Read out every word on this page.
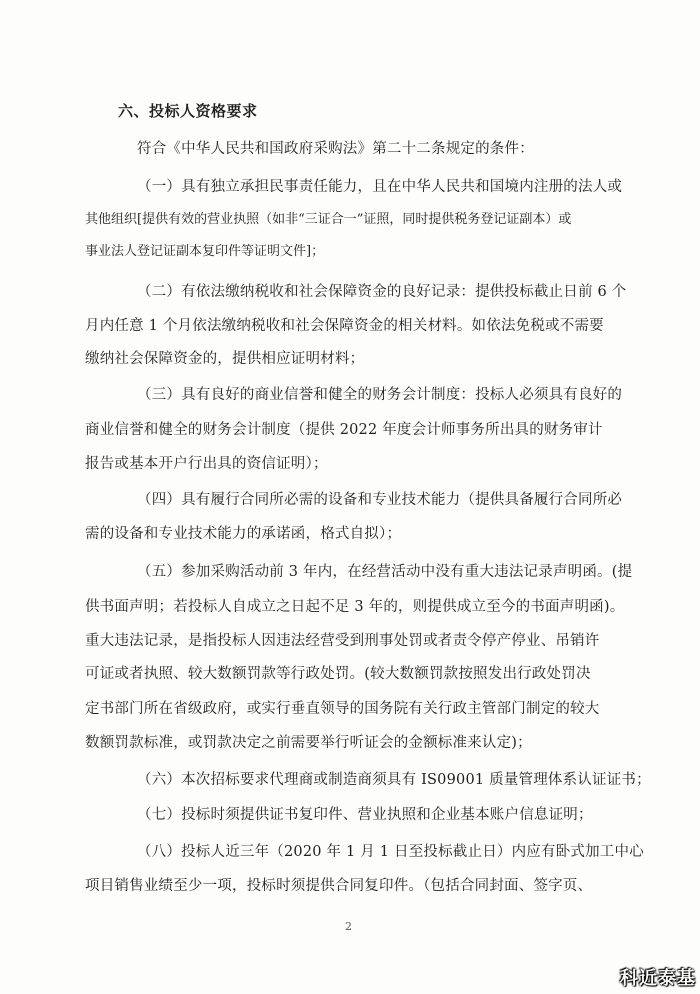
六、投标人资格要求
符合《中华人民共和国政府采购法》第二十二条规定的条件：
（一）具有独立承担民事责任能力，且在中华人民共和国境内注册的法人或
其他组织[提供有效的营业执照（如非“三证合一”证照，同时提供税务登记证副本）或
事业法人登记证副本复印件等证明文件]；
（二）有依法缴纳税收和社会保障资金的良好记录：提供投标截止日前 6 个
月内任意 1 个月依法缴纳税收和社会保障资金的相关材料。如依法免税或不需要
缴纳社会保障资金的，提供相应证明材料；
（三）具有良好的商业信誉和健全的财务会计制度：投标人必须具有良好的
商业信誉和健全的财务会计制度（提供 2022 年度会计师事务所出具的财务审计
报告或基本开户行出具的资信证明）；
（四）具有履行合同所必需的设备和专业技术能力（提供具备履行合同所必
需的设备和专业技术能力的承诺函，格式自拟）；
（五）参加采购活动前 3 年内，在经营活动中没有重大违法记录声明函。(提
供书面声明；若投标人自成立之日起不足 3 年的，则提供成立至今的书面声明函)。
重大违法记录，是指投标人因违法经营受到刑事处罚或者责令停产停业、吊销许
可证或者执照、较大数额罚款等行政处罚。(较大数额罚款按照发出行政处罚决
定书部门所在省级政府，或实行垂直领导的国务院有关行政主管部门制定的较大
数额罚款标准，或罚款决定之前需要举行听证会的金额标准来认定)；
（六）本次招标要求代理商或制造商须具有 IS09001 质量管理体系认证证书；
（七）投标时须提供证书复印件、营业执照和企业基本账户信息证明；
（八）投标人近三年（2020 年 1 月 1 日至投标截止日）内应有卧式加工中心
项目销售业绩至少一项，投标时须提供合同复印件。（包括合同封面、签字页、
2
科近泰基
